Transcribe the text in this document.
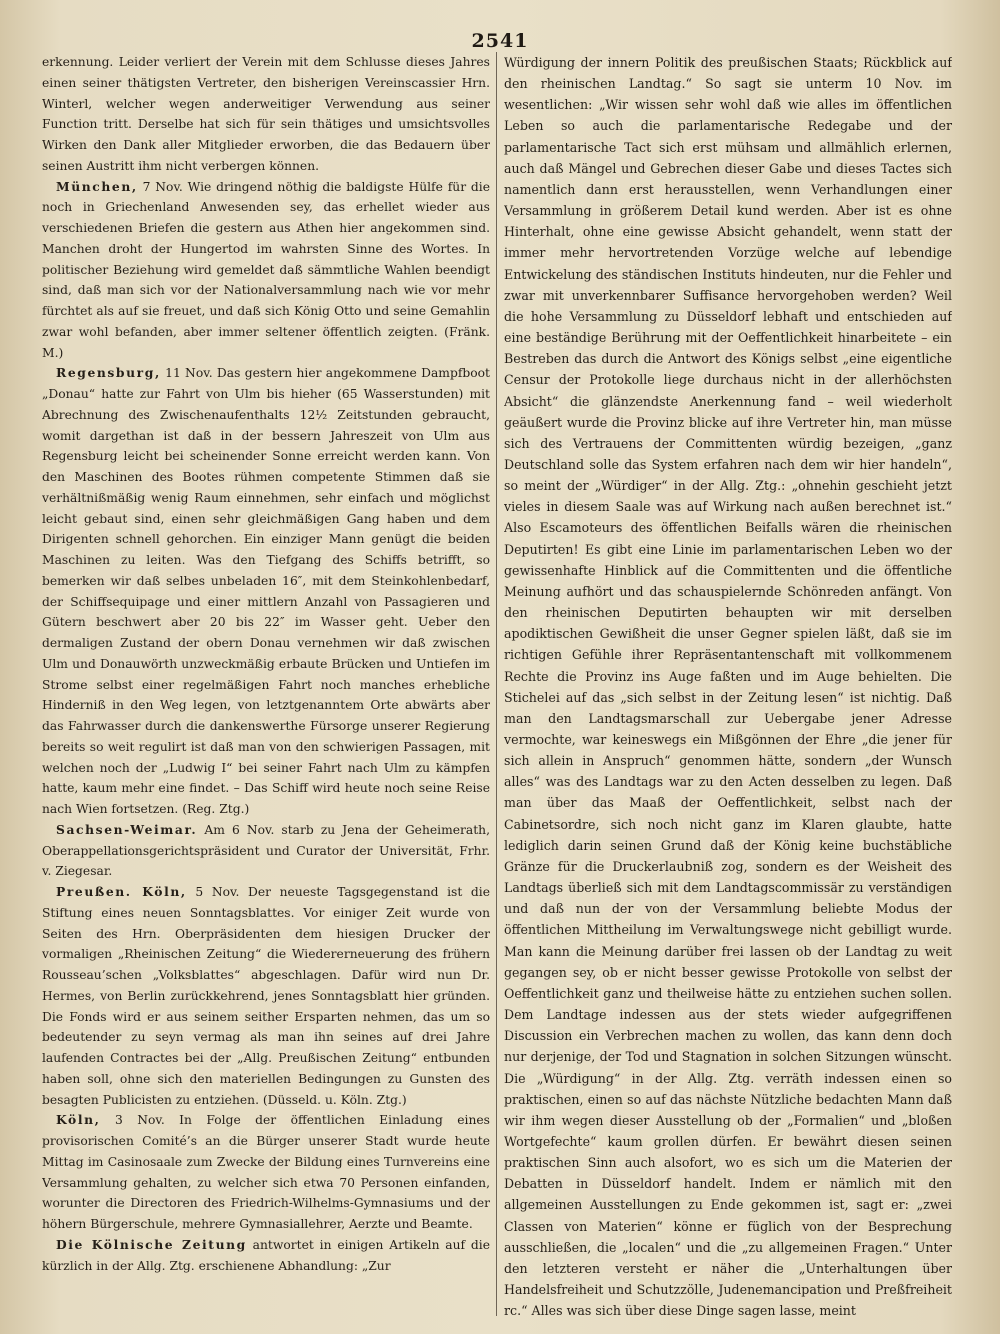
2541

erkennung. Leider verliert der Verein mit dem Schlusse dieses Jahres einen seiner thätigsten Vertreter, den bisherigen Vereinscassier Hrn. Winterl, welcher wegen anderweitiger Verwendung aus seiner Function tritt. Derselbe hat sich für sein thätiges und umsichtsvolles Wirken den Dank aller Mitglieder erworben, die das Bedauern über seinen Austritt ihm nicht verbergen können.

München, 7 Nov. Wie dringend nöthig die baldigste Hülfe für die noch in Griechenland Anwesenden sey, das erhellet wieder aus verschiedenen Briefen die gestern aus Athen hier angekommen sind. Manchen droht der Hungertod im wahrsten Sinne des Wortes. In politischer Beziehung wird gemeldet daß sämmtliche Wahlen beendigt sind, daß man sich vor der Nationalversammlung nach wie vor mehr fürchtet als auf sie freuet, und daß sich König Otto und seine Gemahlin zwar wohl befanden, aber immer seltener öffentlich zeigten. (Fränk. M.)

Regensburg, 11 Nov. Das gestern hier angekommene Dampfboot „Donau“ hatte zur Fahrt von Ulm bis hieher (65 Wasserstunden) mit Abrechnung des Zwischenaufenthalts 12½ Zeitstunden gebraucht, womit dargethan ist daß in der bessern Jahreszeit von Ulm aus Regensburg leicht bei scheinender Sonne erreicht werden kann. Von den Maschinen des Bootes rühmen competente Stimmen daß sie verhältnißmäßig wenig Raum einnehmen, sehr einfach und möglichst leicht gebaut sind, einen sehr gleichmäßigen Gang haben und dem Dirigenten schnell gehorchen. Ein einziger Mann genügt die beiden Maschinen zu leiten. Was den Tiefgang des Schiffs betrifft, so bemerken wir daß selbes unbeladen 16″, mit dem Steinkohlenbedarf, der Schiffsequipage und einer mittlern Anzahl von Passagieren und Gütern beschwert aber 20 bis 22″ im Wasser geht. Ueber den dermaligen Zustand der obern Donau vernehmen wir daß zwischen Ulm und Donauwörth unzweckmäßig erbaute Brücken und Untiefen im Strome selbst einer regelmäßigen Fahrt noch manches erhebliche Hinderniß in den Weg legen, von letztgenanntem Orte abwärts aber das Fahrwasser durch die dankenswerthe Fürsorge unserer Regierung bereits so weit regulirt ist daß man von den schwierigen Passagen, mit welchen noch der „Ludwig I“ bei seiner Fahrt nach Ulm zu kämpfen hatte, kaum mehr eine findet. – Das Schiff wird heute noch seine Reise nach Wien fortsetzen. (Reg. Ztg.)

Sachsen-Weimar. Am 6 Nov. starb zu Jena der Geheimerath, Oberappellationsgerichtspräsident und Curator der Universität, Frhr. v. Ziegesar.

Preußen. Köln, 5 Nov. Der neueste Tagsgegenstand ist die Stiftung eines neuen Sonntagsblattes. Vor einiger Zeit wurde von Seiten des Hrn. Oberpräsidenten dem hiesigen Drucker der vormaligen „Rheinischen Zeitung“ die Wiedererneuerung des frühern Rousseau’schen „Volksblattes“ abgeschlagen. Dafür wird nun Dr. Hermes, von Berlin zurückkehrend, jenes Sonntagsblatt hier gründen. Die Fonds wird er aus seinem seither Ersparten nehmen, das um so bedeutender zu seyn vermag als man ihn seines auf drei Jahre laufenden Contractes bei der „Allg. Preußischen Zeitung“ entbunden haben soll, ohne sich den materiellen Bedingungen zu Gunsten des besagten Publicisten zu entziehen. (Düsseld. u. Köln. Ztg.)

Köln, 3 Nov. In Folge der öffentlichen Einladung eines provisorischen Comité’s an die Bürger unserer Stadt wurde heute Mittag im Casinosaale zum Zwecke der Bildung eines Turnvereins eine Versammlung gehalten, zu welcher sich etwa 70 Personen einfanden, worunter die Directoren des Friedrich-Wilhelms-Gymnasiums und der höhern Bürgerschule, mehrere Gymnasiallehrer, Aerzte und Beamte.

Die Kölnische Zeitung antwortet in einigen Artikeln auf die kürzlich in der Allg. Ztg. erschienene Abhandlung: „Zur

Würdigung der innern Politik des preußischen Staats; Rückblick auf den rheinischen Landtag.“ So sagt sie unterm 10 Nov. im wesentlichen: „Wir wissen sehr wohl daß wie alles im öffentlichen Leben so auch die parlamentarische Redegabe und der parlamentarische Tact sich erst mühsam und allmählich erlernen, auch daß Mängel und Gebrechen dieser Gabe und dieses Tactes sich namentlich dann erst herausstellen, wenn Verhandlungen einer Versammlung in größerem Detail kund werden. Aber ist es ohne Hinterhalt, ohne eine gewisse Absicht gehandelt, wenn statt der immer mehr hervortretenden Vorzüge welche auf lebendige Entwickelung des ständischen Instituts hindeuten, nur die Fehler und zwar mit unverkennbarer Suffisance hervorgehoben werden? Weil die hohe Versammlung zu Düsseldorf lebhaft und entschieden auf eine beständige Berührung mit der Oeffentlichkeit hinarbeitete – ein Bestreben das durch die Antwort des Königs selbst „eine eigentliche Censur der Protokolle liege durchaus nicht in der allerhöchsten Absicht“ die glänzendste Anerkennung fand – weil wiederholt geäußert wurde die Provinz blicke auf ihre Vertreter hin, man müsse sich des Vertrauens der Committenten würdig bezeigen, „ganz Deutschland solle das System erfahren nach dem wir hier handeln“, so meint der „Würdiger“ in der Allg. Ztg.: „ohnehin geschieht jetzt vieles in diesem Saale was auf Wirkung nach außen berechnet ist.“ Also Escamoteurs des öffentlichen Beifalls wären die rheinischen Deputirten! Es gibt eine Linie im parlamentarischen Leben wo der gewissenhafte Hinblick auf die Committenten und die öffentliche Meinung aufhört und das schauspielernde Schönreden anfängt. Von den rheinischen Deputirten behaupten wir mit derselben apodiktischen Gewißheit die unser Gegner spielen läßt, daß sie im richtigen Gefühle ihrer Repräsentantenschaft mit vollkommenem Rechte die Provinz ins Auge faßten und im Auge behielten. Die Stichelei auf das „sich selbst in der Zeitung lesen“ ist nichtig. Daß man den Landtagsmarschall zur Uebergabe jener Adresse vermochte, war keineswegs ein Mißgönnen der Ehre „die jener für sich allein in Anspruch“ genommen hätte, sondern „der Wunsch alles“ was des Landtags war zu den Acten desselben zu legen. Daß man über das Maaß der Oeffentlichkeit, selbst nach der Cabinetsordre, sich noch nicht ganz im Klaren glaubte, hatte lediglich darin seinen Grund daß der König keine buchstäbliche Gränze für die Druckerlaubniß zog, sondern es der Weisheit des Landtags überließ sich mit dem Landtagscommissär zu verständigen und daß nun der von der Versammlung beliebte Modus der öffentlichen Mittheilung im Verwaltungswege nicht gebilligt wurde. Man kann die Meinung darüber frei lassen ob der Landtag zu weit gegangen sey, ob er nicht besser gewisse Protokolle von selbst der Oeffentlichkeit ganz und theilweise hätte zu entziehen suchen sollen. Dem Landtage indessen aus der stets wieder aufgegriffenen Discussion ein Verbrechen machen zu wollen, das kann denn doch nur derjenige, der Tod und Stagnation in solchen Sitzungen wünscht. Die „Würdigung“ in der Allg. Ztg. verräth indessen einen so praktischen, einen so auf das nächste Nützliche bedachten Mann daß wir ihm wegen dieser Ausstellung ob der „Formalien“ und „bloßen Wortgefechte“ kaum grollen dürfen. Er bewährt diesen seinen praktischen Sinn auch alsofort, wo es sich um die Materien der Debatten in Düsseldorf handelt. Indem er nämlich mit den allgemeinen Ausstellungen zu Ende gekommen ist, sagt er: „zwei Classen von Materien“ könne er füglich von der Besprechung ausschließen, die „localen“ und die „zu allgemeinen Fragen.“ Unter den letzteren versteht er näher die „Unterhaltungen über Handelsfreiheit und Schutzzölle, Judenemancipation und Preßfreiheit rc.“ Alles was sich über diese Dinge sagen lasse, meint
